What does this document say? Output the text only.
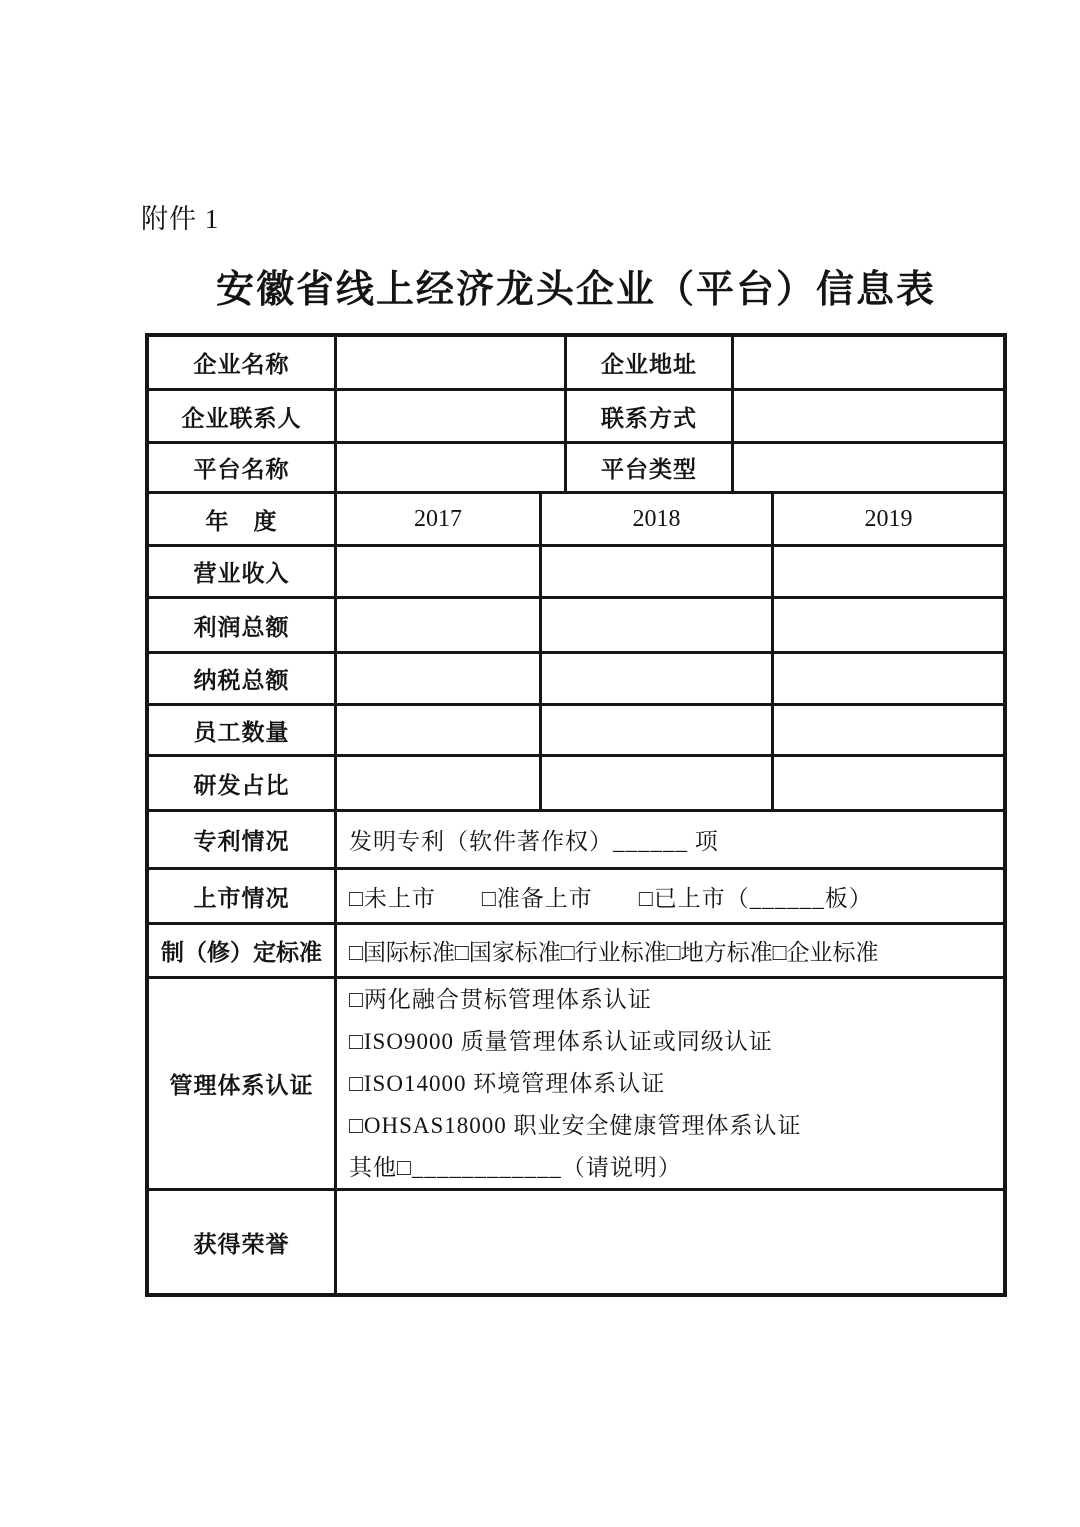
附件 1
安徽省线上经济龙头企业（平台）信息表
企业名称	企业地址
企业联系人	联系方式
平台名称	平台类型
年　度	2017	2018	2019
营业收入
利润总额
纳税总额
员工数量
研发占比
专利情况	发明专利（软件著作权）______ 项
上市情况	□未上市 □准备上市 □已上市（______板）
制（修）定标准	□国际标准□国家标准□行业标准□地方标准□企业标准
管理体系认证
□两化融合贯标管理体系认证
□ISO9000 质量管理体系认证或同级认证
□ISO14000 环境管理体系认证
□OHSAS18000 职业安全健康管理体系认证
其他□____________（请说明）
获得荣誉
